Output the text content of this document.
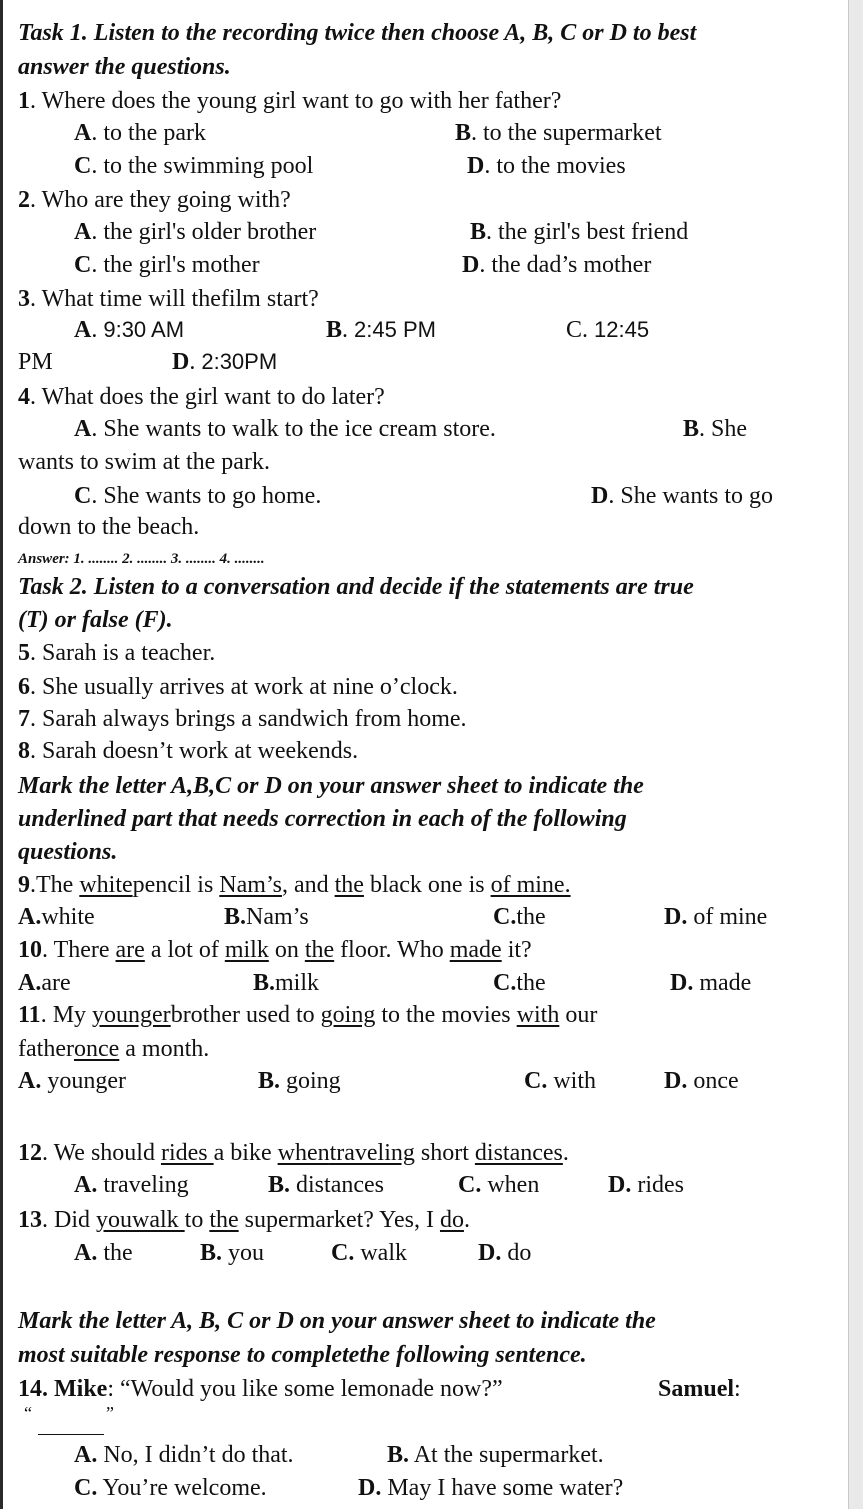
Task 1. Listen to the recording twice then choose A, B, C or D to best
answer the questions.
1. Where does the young girl want to go with her father?
A. to the park	B. to the supermarket
C. to the swimming pool	D. to the movies
2. Who are they going with?
A. the girl's older brother	B. the girl's best friend
C. the girl's mother	D. the dad’s mother
3. What time will thefilm start?
A. 9:30 AM	B. 2:45 PM	C. 12:45
PM	D. 2:30PM
4. What does the girl want to do later?
A. She wants to walk to the ice cream store.	B. She
wants to swim at the park.
C. She wants to go home.	D. She wants to go
down to the beach.
Answer: 1. ........ 2. ........ 3. ........ 4. ........
Task 2. Listen to a conversation and decide if the statements are true
(T) or false (F).
5. Sarah is a teacher.
6. She usually arrives at work at nine o’clock.
7. Sarah always brings a sandwich from home.
8. Sarah doesn’t work at weekends.
Mark the letter A,B,C or D on your answer sheet to indicate the
underlined part that needs correction in each of the following
questions.
9.The whitepencil is Nam’s, and the black one is of mine.
A.white	B.Nam’s	C.the	D. of mine
10. There are a lot of milk on the floor. Who made it?
A.are	B.milk	C.the	D. made
11. My youngerbrother used to going to the movies with our
fatheronce a month.
A. younger	B. going	C. with	D. once
12. We should rides a bike whentraveling short distances.
A. traveling	B. distances	C. when	D. rides
13. Did youwalk to the supermarket? Yes, I do.
A. the	B. you	C. walk	D. do
Mark the letter A, B, C or D on your answer sheet to indicate the
most suitable response to completethe following sentence.
14. Mike: “Would you like some lemonade now?”	Samuel:
“	”
A. No, I didn’t do that.	B. At the supermarket.
C. You’re welcome.	D. May I have some water?
